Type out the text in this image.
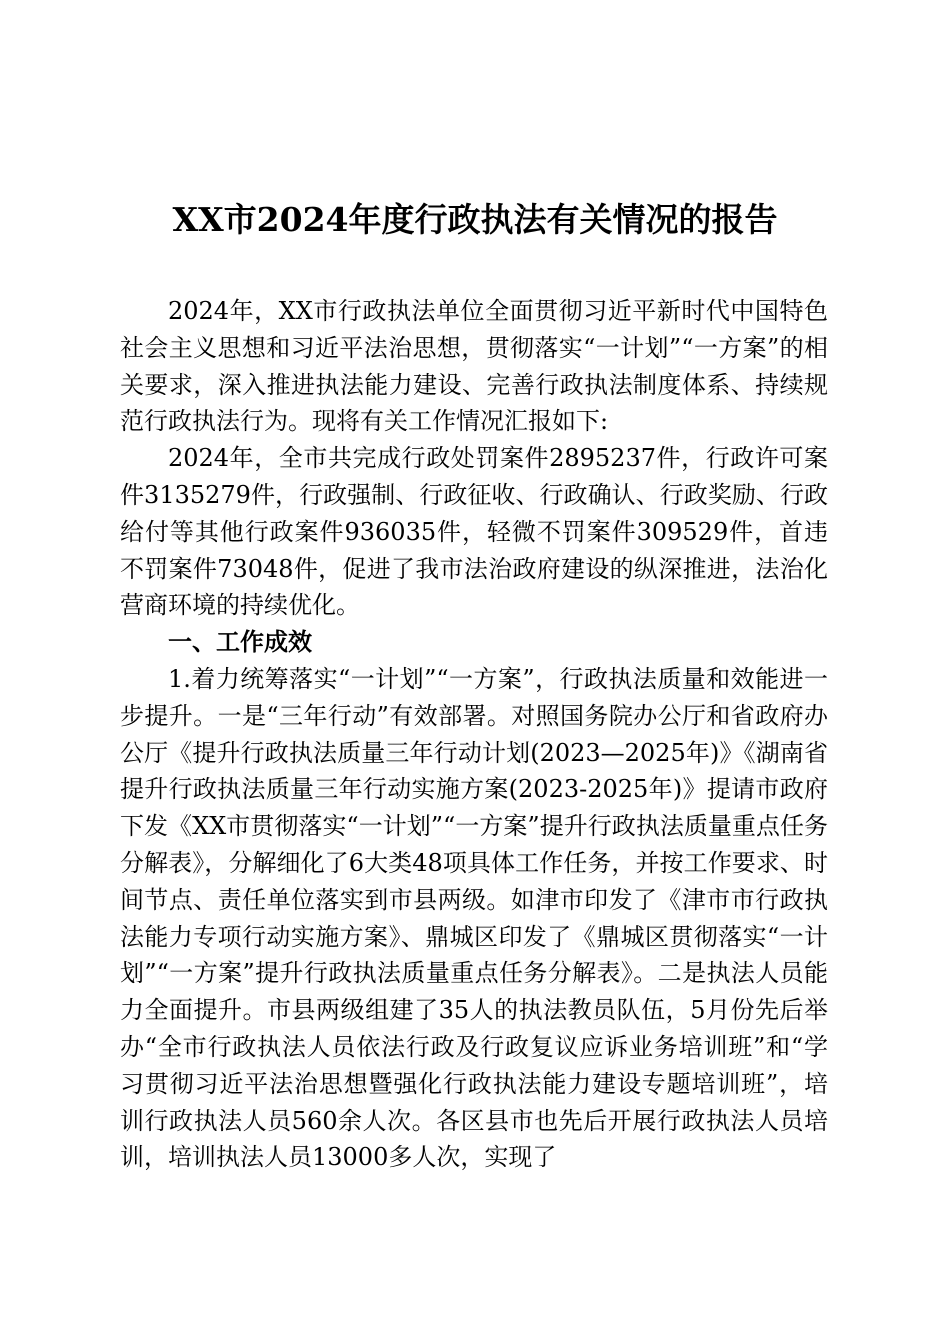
XX市2024年度行政执法有关情况的报告

2024年，XX市行政执法单位全面贯彻习近平新时代中国特色社会主义思想和习近平法治思想，贯彻落实“一计划”“一方案”的相关要求，深入推进执法能力建设、完善行政执法制度体系、持续规范行政执法行为。现将有关工作情况汇报如下:

2024年，全市共完成行政处罚案件2895237件，行政许可案件3135279件，行政强制、行政征收、行政确认、行政奖励、行政给付等其他行政案件936035件，轻微不罚案件309529件，首违不罚案件73048件，促进了我市法治政府建设的纵深推进，法治化营商环境的持续优化。

一、工作成效

1.着力统筹落实“一计划”“一方案”，行政执法质量和效能进一步提升。一是“三年行动”有效部署。对照国务院办公厅和省政府办公厅《提升行政执法质量三年行动计划(2023—2025年)》《湖南省提升行政执法质量三年行动实施方案(2023-2025年)》提请市政府下发《XX市贯彻落实“一计划”“一方案”提升行政执法质量重点任务分解表》，分解细化了6大类48项具体工作任务，并按工作要求、时间节点、责任单位落实到市县两级。如津市印发了《津市市行政执法能力专项行动实施方案》、鼎城区印发了《鼎城区贯彻落实“一计划”“一方案”提升行政执法质量重点任务分解表》。二是执法人员能力全面提升。市县两级组建了35人的执法教员队伍，5月份先后举办“全市行政执法人员依法行政及行政复议应诉业务培训班”和“学习贯彻习近平法治思想暨强化行政执法能力建设专题培训班”，培训行政执法人员560余人次。各区县市也先后开展行政执法人员培训，培训执法人员13000多人次，实现了
